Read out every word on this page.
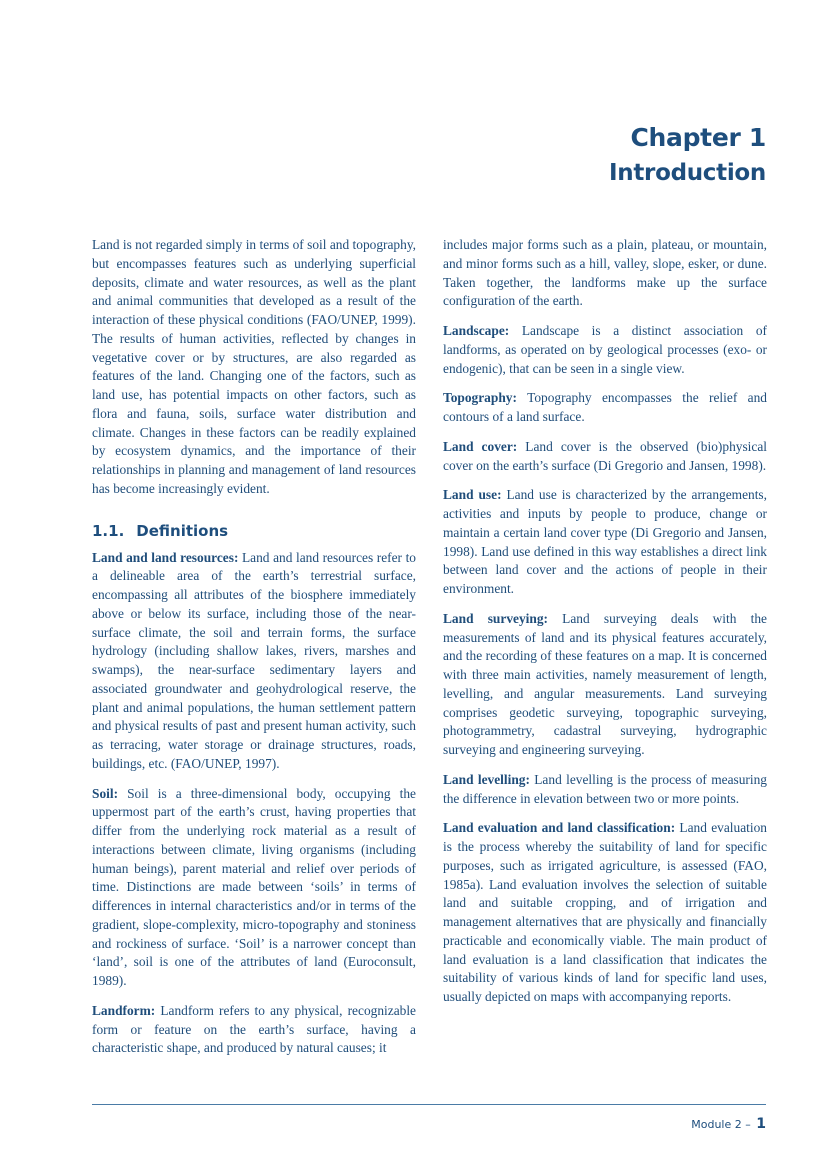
Chapter 1
Introduction

Land is not regarded simply in terms of soil and topography, but encompasses features such as underlying superficial deposits, climate and water resources, as well as the plant and animal communities that developed as a result of the interaction of these physical conditions (FAO/UNEP, 1999). The results of human activities, reflected by changes in vegetative cover or by structures, are also regarded as features of the land. Changing one of the factors, such as land use, has potential impacts on other factors, such as flora and fauna, soils, surface water distribution and climate. Changes in these factors can be readily explained by ecosystem dynamics, and the importance of their relationships in planning and management of land resources has become increasingly evident.

1.1. Definitions

Land and land resources: Land and land resources refer to a delineable area of the earth’s terrestrial surface, encompassing all attributes of the biosphere immediately above or below its surface, including those of the near-surface climate, the soil and terrain forms, the surface hydrology (including shallow lakes, rivers, marshes and swamps), the near-surface sedimentary layers and associated groundwater and geohydrological reserve, the plant and animal populations, the human settlement pattern and physical results of past and present human activity, such as terracing, water storage or drainage structures, roads, buildings, etc. (FAO/UNEP, 1997).

Soil: Soil is a three-dimensional body, occupying the uppermost part of the earth’s crust, having properties that differ from the underlying rock material as a result of interactions between climate, living organisms (including human beings), parent material and relief over periods of time. Distinctions are made between ‘soils’ in terms of differences in internal characteristics and/or in terms of the gradient, slope-complexity, micro-topography and stoniness and rockiness of surface. ‘Soil’ is a narrower concept than ‘land’, soil is one of the attributes of land (Euroconsult, 1989).

Landform: Landform refers to any physical, recognizable form or feature on the earth’s surface, having a characteristic shape, and produced by natural causes; it

includes major forms such as a plain, plateau, or mountain, and minor forms such as a hill, valley, slope, esker, or dune. Taken together, the landforms make up the surface configuration of the earth.

Landscape: Landscape is a distinct association of landforms, as operated on by geological processes (exo- or endogenic), that can be seen in a single view.

Topography: Topography encompasses the relief and contours of a land surface.

Land cover: Land cover is the observed (bio)physical cover on the earth’s surface (Di Gregorio and Jansen, 1998).

Land use: Land use is characterized by the arrangements, activities and inputs by people to produce, change or maintain a certain land cover type (Di Gregorio and Jansen, 1998). Land use defined in this way establishes a direct link between land cover and the actions of people in their environment.

Land surveying: Land surveying deals with the measurements of land and its physical features accurately, and the recording of these features on a map. It is concerned with three main activities, namely measurement of length, levelling, and angular measurements. Land surveying comprises geodetic surveying, topographic surveying, photogrammetry, cadastral surveying, hydrographic surveying and engineering surveying.

Land levelling: Land levelling is the process of measuring the difference in elevation between two or more points.

Land evaluation and land classification: Land evaluation is the process whereby the suitability of land for specific purposes, such as irrigated agriculture, is assessed (FAO, 1985a). Land evaluation involves the selection of suitable land and suitable cropping, and of irrigation and management alternatives that are physically and financially practicable and economically viable. The main product of land evaluation is a land classification that indicates the suitability of various kinds of land for specific land uses, usually depicted on maps with accompanying reports.

Module 2 – 1
